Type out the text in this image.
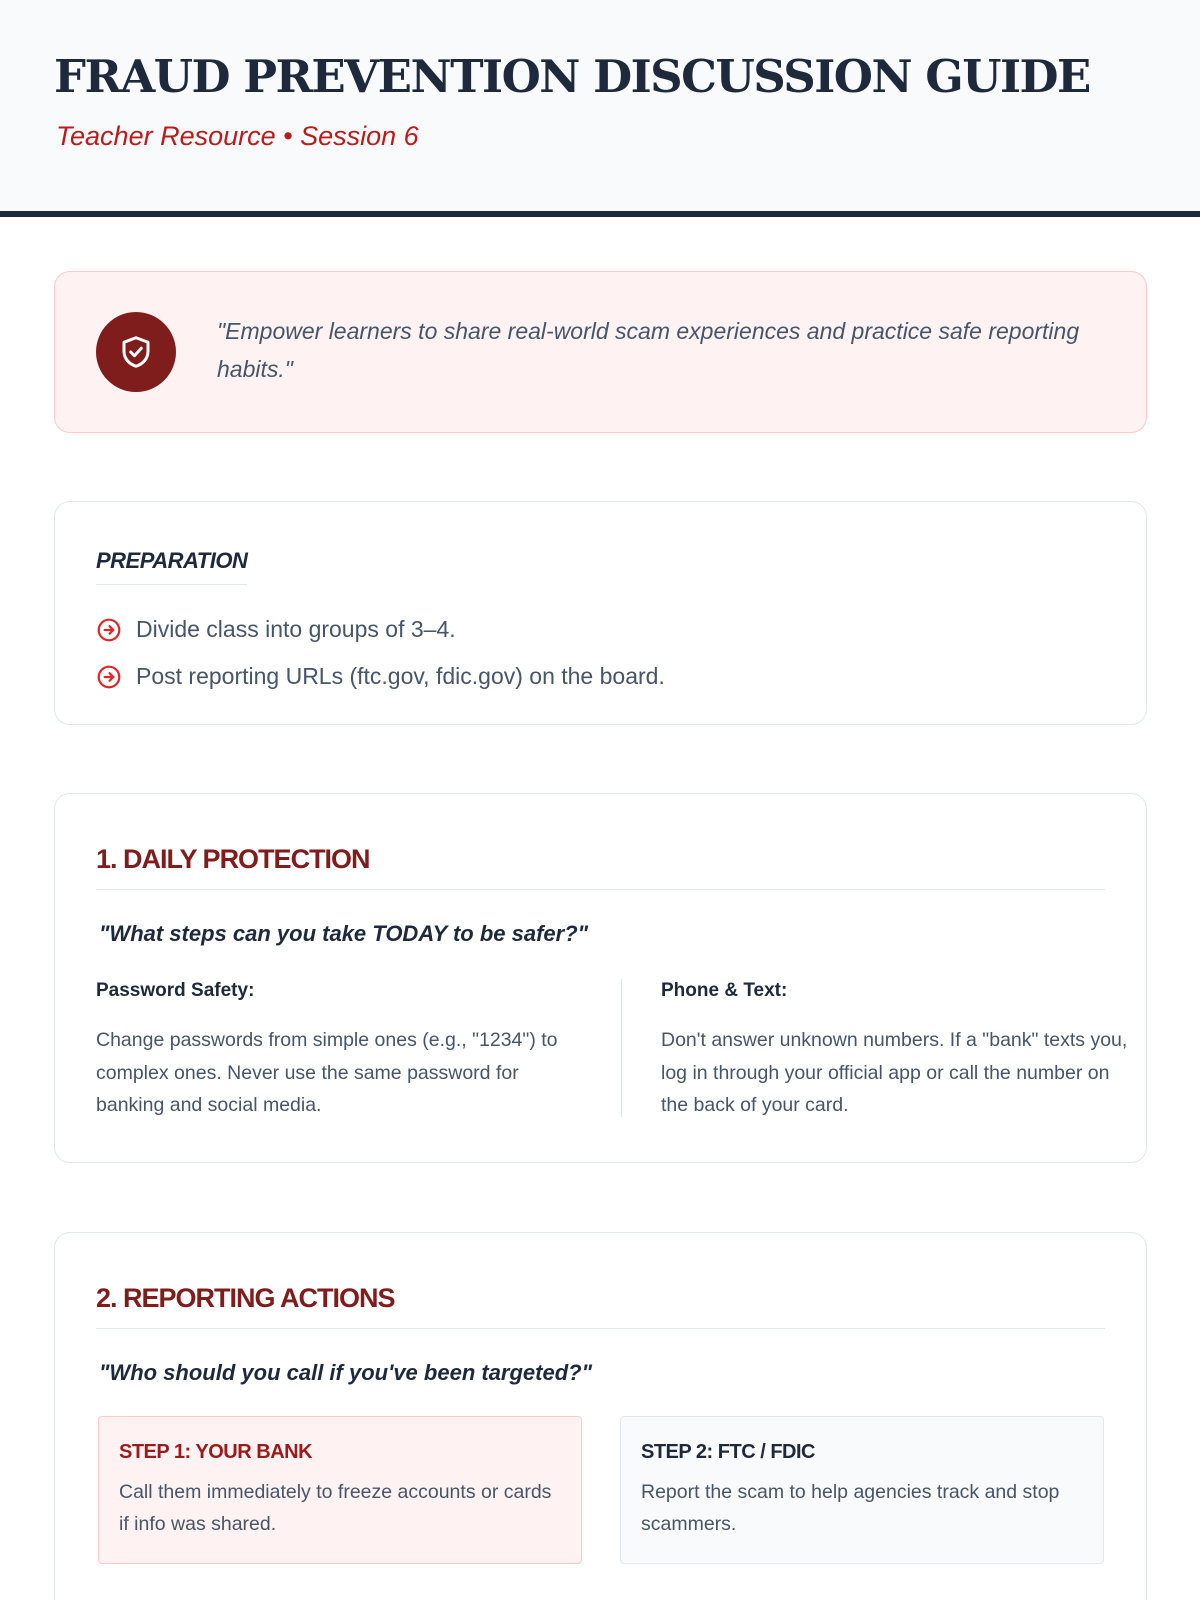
FRAUD PREVENTION DISCUSSION GUIDE
Teacher Resource • Session 6
"Empower learners to share real-world scam experiences and practice safe reporting habits."
PREPARATION
Divide class into groups of 3–4.
Post reporting URLs (ftc.gov, fdic.gov) on the board.
1. DAILY PROTECTION
"What steps can you take TODAY to be safer?"
Password Safety:
Change passwords from simple ones (e.g., "1234") to complex ones. Never use the same password for banking and social media.
Phone & Text:
Don't answer unknown numbers. If a "bank" texts you, log in through your official app or call the number on the back of your card.
2. REPORTING ACTIONS
"Who should you call if you've been targeted?"
STEP 1: YOUR BANK
Call them immediately to freeze accounts or cards if info was shared.
STEP 2: FTC / FDIC
Report the scam to help agencies track and stop scammers.
